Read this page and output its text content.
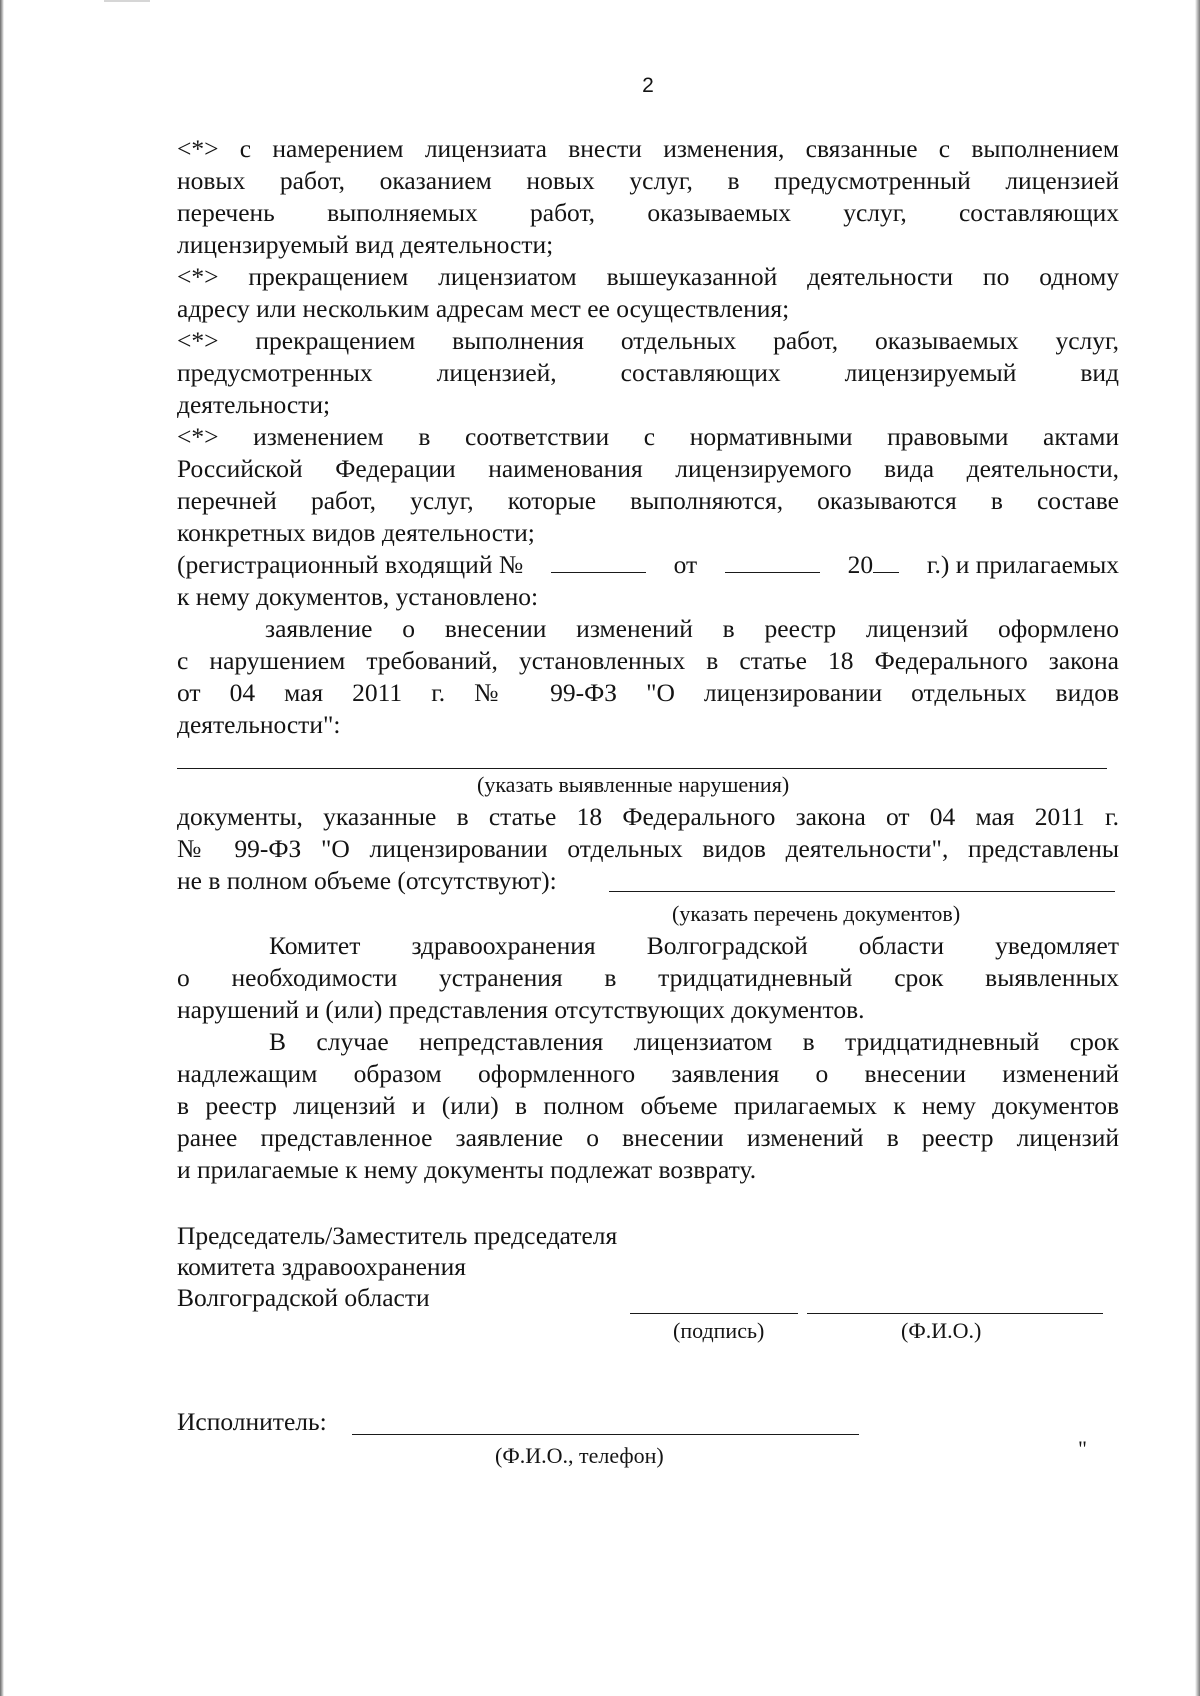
2
<*> с намерением лицензиата внести изменения, связанные с выполнением
новых работ, оказанием новых услуг, в предусмотренный лицензией
перечень выполняемых работ, оказываемых услуг, составляющих
лицензируемый вид деятельности;
<*> прекращением лицензиатом вышеуказанной деятельности по одному
адресу или нескольким адресам мест ее осуществления;
<*> прекращением выполнения отдельных работ, оказываемых услуг,
предусмотренных лицензией, составляющих лицензируемый вид
деятельности;
<*> изменением в соответствии с нормативными правовыми актами
Российской Федерации наименования лицензируемого вида деятельности,
перечней работ, услуг, которые выполняются, оказываются в составе
конкретных видов деятельности;
(регистрационный входящий №	от	20 г.) и прилагаемых
к нему документов, установлено:
заявление о внесении изменений в реестр лицензий оформлено
с нарушением требований, установленных в статье 18 Федерального закона
от 04 мая 2011 г. № 99-ФЗ "О лицензировании отдельных видов
деятельности":
(указать выявленные нарушения)
документы, указанные в статье 18 Федерального закона от 04 мая 2011 г.
№ 99-ФЗ "О лицензировании отдельных видов деятельности", представлены
не в полном объеме (отсутствуют):
(указать перечень документов)
Комитет здравоохранения Волгоградской области уведомляет
о необходимости устранения в тридцатидневный срок выявленных
нарушений и (или) представления отсутствующих документов.
В случае непредставления лицензиатом в тридцатидневный срок
надлежащим образом оформленного заявления о внесении изменений
в реестр лицензий и (или) в полном объеме прилагаемых к нему документов
ранее представленное заявление о внесении изменений в реестр лицензий
и прилагаемые к нему документы подлежат возврату.
Председатель/Заместитель председателя
комитета здравоохранения
Волгоградской области
(подпись)	(Ф.И.О.)
Исполнитель:
(Ф.И.О., телефон)	"
